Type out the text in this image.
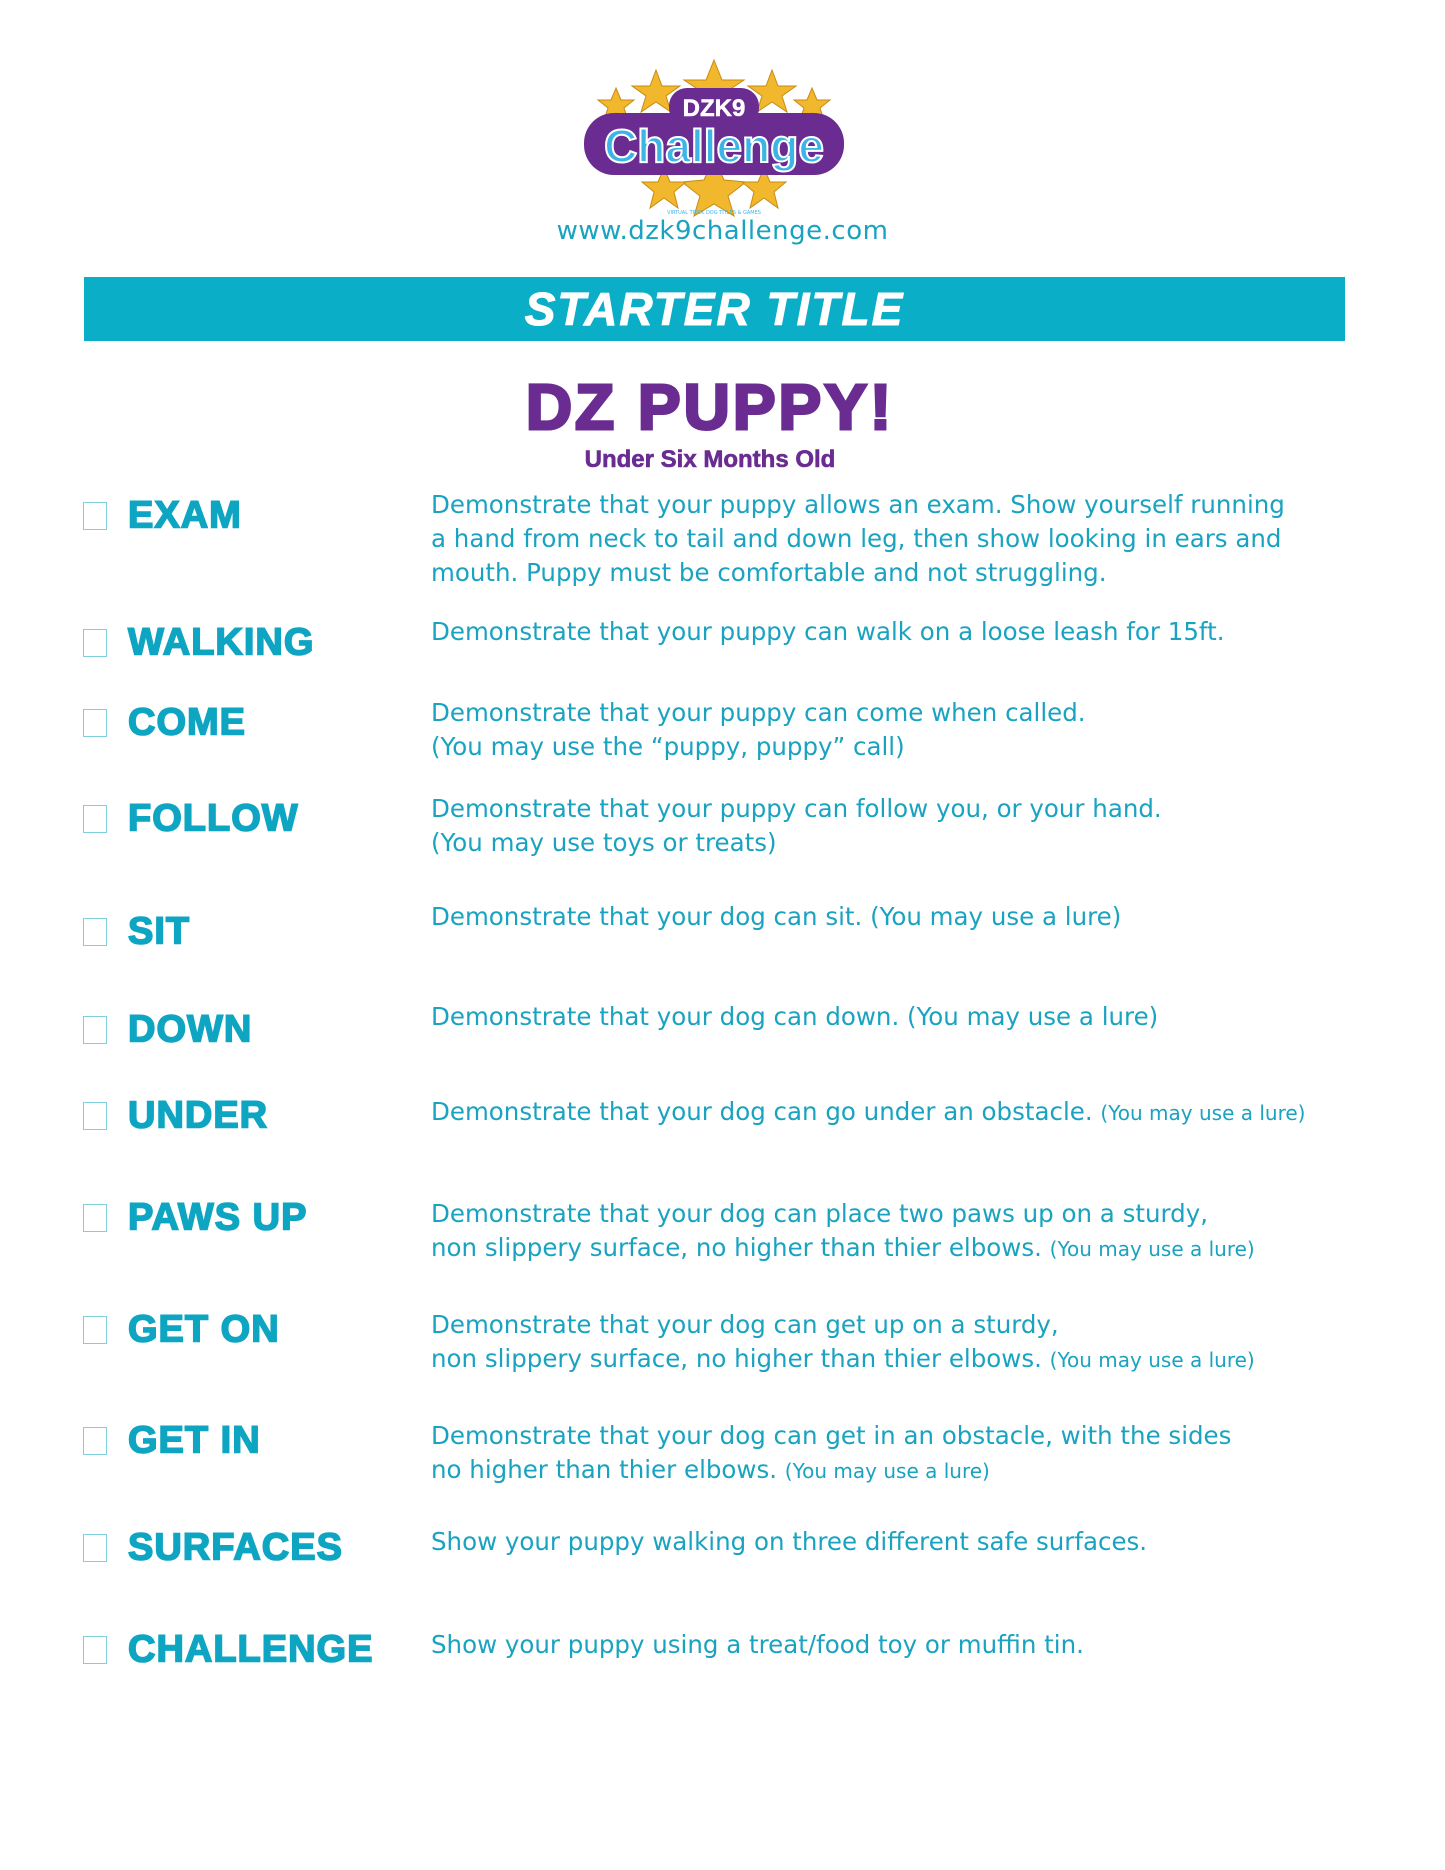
DZK9
Challenge
VIRTUAL TRICK DOG TITLES & GAMES
www.dzk9challenge.com
STARTER TITLE
DZ PUPPY!
Under Six Months Old
EXAM	Demonstrate that your puppy allows an exam. Show yourself running
a hand from neck to tail and down leg, then show looking in ears and
mouth. Puppy must be comfortable and not struggling.
WALKING	Demonstrate that your puppy can walk on a loose leash for 15ft.
COME	Demonstrate that your puppy can come when called.
(You may use the “puppy, puppy” call)
FOLLOW	Demonstrate that your puppy can follow you, or your hand.
(You may use toys or treats)
SIT	Demonstrate that your dog can sit. (You may use a lure)
DOWN	Demonstrate that your dog can down. (You may use a lure)
UNDER	Demonstrate that your dog can go under an obstacle. (You may use a lure)
PAWS UP	Demonstrate that your dog can place two paws up on a sturdy,
non slippery surface, no higher than thier elbows. (You may use a lure)
GET ON	Demonstrate that your dog can get up on a sturdy,
non slippery surface, no higher than thier elbows. (You may use a lure)
GET IN	Demonstrate that your dog can get in an obstacle, with the sides
no higher than thier elbows. (You may use a lure)
SURFACES	Show your puppy walking on three different safe surfaces.
CHALLENGE Show your puppy using a treat/food toy or muffin tin.
